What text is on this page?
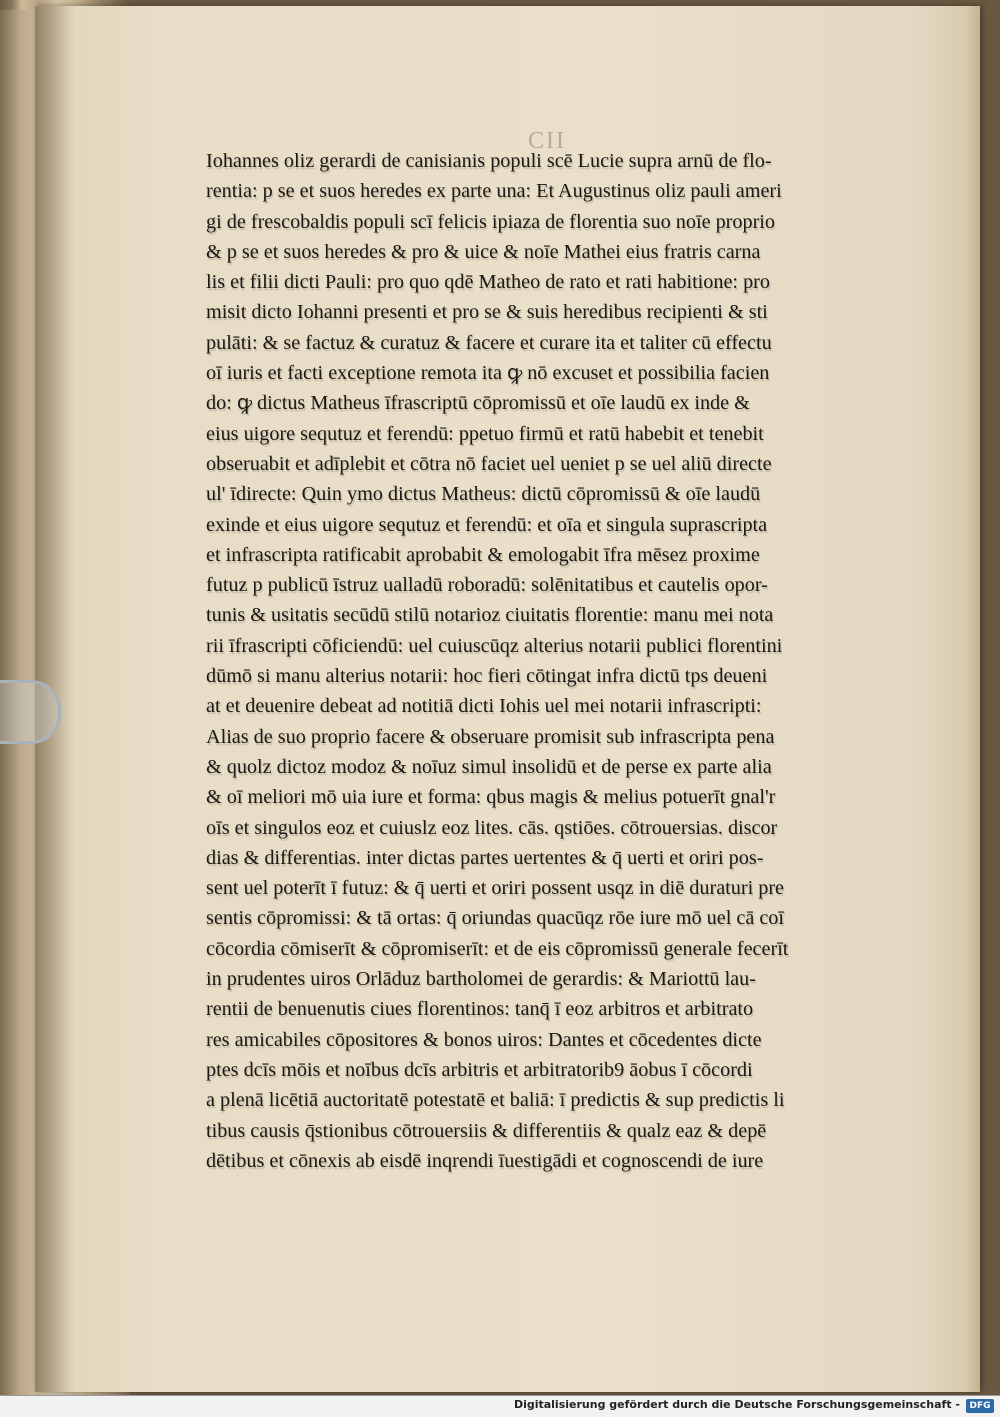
CII
Iohannes oliz gerardi de canisianis populi scē Lucie supra arnū de flo-
rentia: p se et suos heredes ex parte una: Et Augustinus oliz pauli ameri
gi de frescobaldis populi scī felicis ipiaza de florentia suo noīe proprio
& p se et suos heredes & pro & uice & noīe Mathei eius fratris carna
lis et filii dicti Pauli: pro quo qdē Matheo de rato et rati habitione: pro
misit dicto Iohanni presenti et pro se & suis heredibus recipienti & sti
pulāti: & se factuz & curatuz & facere et curare ita et taliter cū effectu
oī iuris et facti exceptione remota ita ꝙ nō excuset et possibilia facien
do: ꝙ dictus Matheus īfrascriptū cōpromissū et oīe laudū ex inde &
eius uigore sequtuz et ferendū: ppetuo firmū et ratū habebit et tenebit
obseruabit et adīplebit et cōtra nō faciet uel ueniet p se uel aliū directe
ul' īdirecte: Quin ymo dictus Matheus: dictū cōpromissū & oīe laudū
exinde et eius uigore sequtuz et ferendū: et oīa et singula suprascripta
et infrascripta ratificabit aprobabit & emologabit īfra mēsez proxime
futuz p publicū īstruz ualladū roboradū: solēnitatibus et cautelis opor-
tunis & usitatis secūdū stilū notarioz ciuitatis florentie: manu mei nota
rii īfrascripti cōficiendū: uel cuiuscūqz alterius notarii publici florentini
dūmō si manu alterius notarii: hoc fieri cōtingat infra dictū tps deueni
at et deuenire debeat ad notitiā dicti Iohis uel mei notarii infrascripti:
Alias de suo proprio facere & obseruare promisit sub infrascripta pena
& quolz dictoz modoz & noīuz simul insolidū et de perse ex parte alia
& oī meliori mō uia iure et forma: qbus magis & melius potuerīt gnal'r
oīs et singulos eoz et cuiuslz eoz lites. cās. qstiōes. cōtrouersias. discor
dias & differentias. inter dictas partes uertentes & q̄ uerti et oriri pos-
sent uel poterīt ī futuz: & q̄ uerti et oriri possent usqz in diē duraturi pre
sentis cōpromissi: & tā ortas: q̄ oriundas quacūqz rōe iure mō uel cā coī
cōcordia cōmiserīt & cōpromiserīt: et de eis cōpromissū generale fecerīt
in prudentes uiros Orlāduz bartholomei de gerardis: & Mariottū lau-
rentii de benuenutis ciues florentinos: tanq̄ ī eoz arbitros et arbitrato
res amicabiles cōpositores & bonos uiros: Dantes et cōcedentes dicte
ptes dcīs mōis et noībus dcīs arbitris et arbitratorib9 āobus ī cōcordi
a plenā licētiā auctoritatē potestatē et baliā: ī predictis & sup predictis li
tibus causis q̄stionibus cōtrouersiis & differentiis & qualz eaz & depē
dētibus et cōnexis ab eisdē inqrendi īuestigādi et cognoscendi de iure
Digitalisierung gefördert durch die Deutsche Forschungsgemeinschaft -	DFG
